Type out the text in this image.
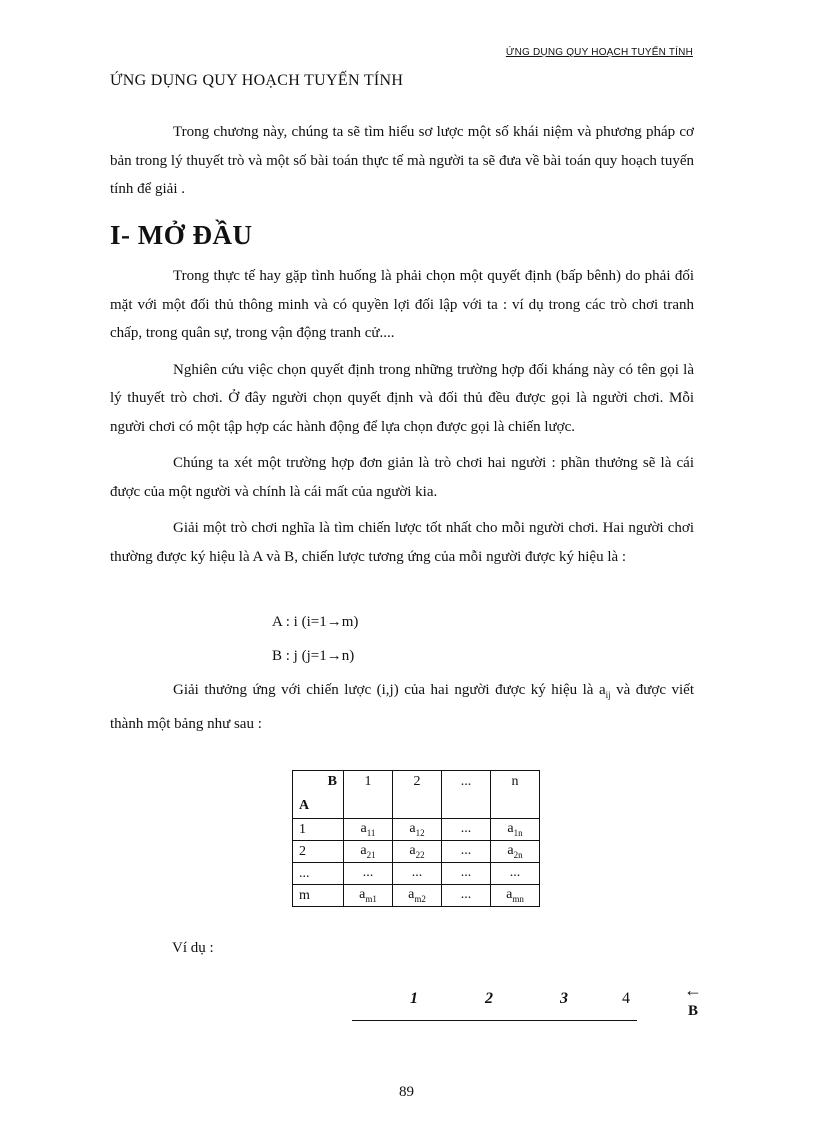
ỨNG DỤNG QUY HOẠCH TUYẾN TÍNH
ỨNG DỤNG QUY HOẠCH TUYẾN TÍNH

Trong chương này, chúng ta sẽ tìm hiểu sơ lược một số khái niệm và phương pháp cơ bản trong lý thuyết trò và một số bài toán thực tế mà người ta sẽ đưa về bài toán quy hoạch tuyến tính để giải .

I- MỞ ĐẦU

Trong thực tế hay gặp tình huống là phải chọn một quyết định (bấp bênh) do phải đối mặt với một đối thủ thông minh và có quyền lợi đối lập với ta : ví dụ trong các trò chơi tranh chấp, trong quân sự, trong vận động tranh cử....

Nghiên cứu việc chọn quyết định trong những trường hợp đối kháng này có tên gọi là lý thuyết trò chơi. Ở đây người chọn quyết định và đối thủ đều được gọi là người chơi. Mỗi người chơi có một tập hợp các hành động để lựa chọn được gọi là chiến lược.

Chúng ta xét một trường hợp đơn giản là trò chơi hai người : phần thưởng sẽ là cái được của một người và chính là cái mất của người kia.

Giải một trò chơi nghĩa là tìm chiến lược tốt nhất cho mỗi người chơi. Hai người chơi thường được ký hiệu là A và B, chiến lược tương ứng của mỗi người được ký hiệu là :

A : i (i=1→m)
B : j (j=1→n)

Giải thưởng ứng với chiến lược (i,j) của hai người được ký hiệu là $a_{ij}$ và được viết thành một bảng như sau :

B
A	1	2	...	n
1	$a_{11}$	$a_{12}$	...	$a_{1n}$
2	$a_{21}$	$a_{22}$	...	$a_{2n}$
...	...	...	...	...
m	$a_{m1}$	$a_{m2}$	...	$a_{mn}$
Ví dụ :
1	2	3	4	←
B
89
